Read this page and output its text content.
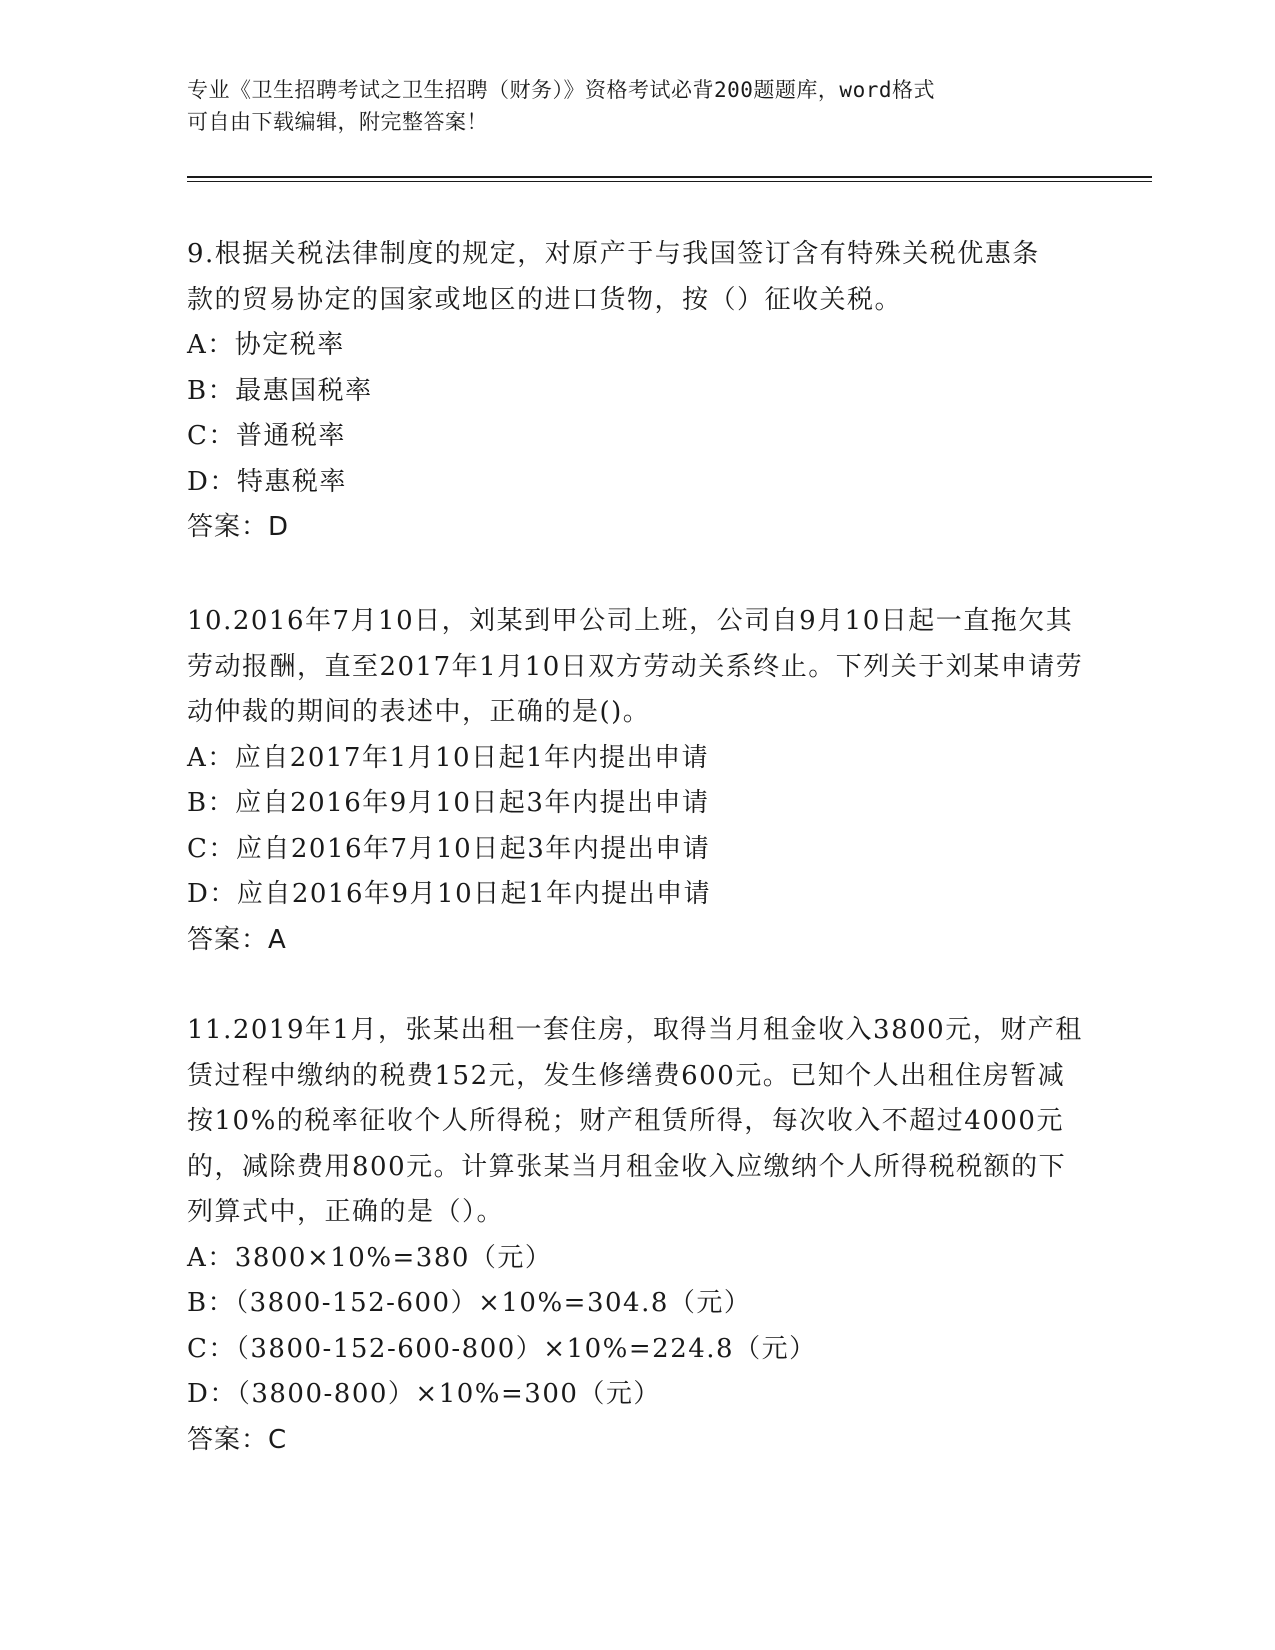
专业《卫生招聘考试之卫生招聘（财务）》资格考试必背200题题库，word格式
可自由下载编辑，附完整答案！
9.根据关税法律制度的规定，对原产于与我国签订含有特殊关税优惠条款的贸易协定的国家或地区的进口货物，按（）征收关税。
A：协定税率
B：最惠国税率
C：普通税率
D：特惠税率
答案：D
10.2016年7月10日，刘某到甲公司上班，公司自9月10日起一直拖欠其劳动报酬，直至2017年1月10日双方劳动关系终止。下列关于刘某申请劳动仲裁的期间的表述中，正确的是()。
A：应自2017年1月10日起1年内提出申请
B：应自2016年9月10日起3年内提出申请
C：应自2016年7月10日起3年内提出申请
D：应自2016年9月10日起1年内提出申请
答案：A
11.2019年1月，张某出租一套住房，取得当月租金收入3800元，财产租赁过程中缴纳的税费152元，发生修缮费600元。已知个人出租住房暂减按10%的税率征收个人所得税；财产租赁所得，每次收入不超过4000元的，减除费用800元。计算张某当月租金收入应缴纳个人所得税税额的下列算式中，正确的是（）。
A：3800×10%=380（元）
B：（3800-152-600）×10%=304.8（元）
C：（3800-152-600-800）×10%=224.8（元）
D：（3800-800）×10%=300（元）
答案：C
